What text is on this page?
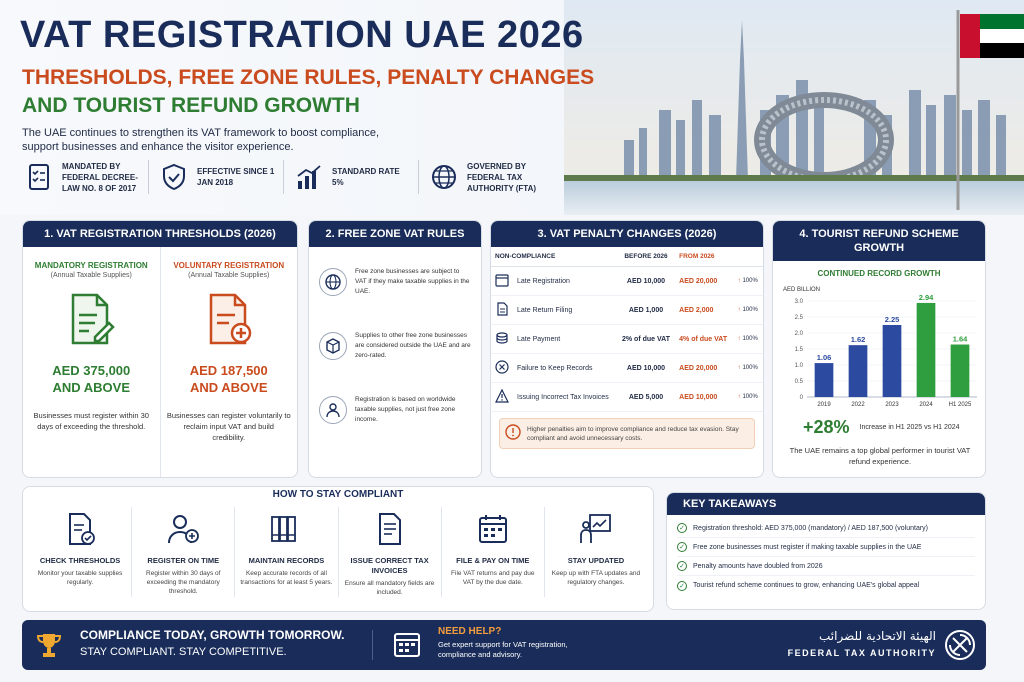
VAT REGISTRATION UAE 2026
THRESHOLDS, FREE ZONE RULES, PENALTY CHANGES
AND TOURIST REFUND GROWTH
The UAE continues to strengthen its VAT framework to boost compliance, support businesses and enhance the visitor experience.
MANDATED BY FEDERAL DECREE-LAW NO. 8 OF 2017
EFFECTIVE SINCE 1 JAN 2018
STANDARD RATE 5%
GOVERNED BY FEDERAL TAX AUTHORITY (FTA)
1. VAT REGISTRATION THRESHOLDS (2026)
MANDATORY REGISTRATION
(Annual Taxable Supplies)
AED 375,000
AND ABOVE
Businesses must register within 30 days of exceeding the threshold.
VOLUNTARY REGISTRATION
(Annual Taxable Supplies)
AED 187,500
AND ABOVE
Businesses can register voluntarily to reclaim input VAT and build credibility.
2. FREE ZONE VAT RULES
Free zone businesses are subject to VAT if they make taxable supplies in the UAE.
Supplies to other free zone businesses are considered outside the UAE and are zero-rated.
Registration is based on worldwide taxable supplies, not just free zone income.
3. VAT PENALTY CHANGES (2026)
NON-COMPLIANCE		BEFORE 2026	FROM 2026	
	Late Registration	AED 10,000	AED 20,000	↑ 100%
	Late Return Filing	AED 1,000	AED 2,000	↑ 100%
	Late Payment	2% of due VAT	4% of due VAT	↑ 100%
	Failure to Keep Records	AED 10,000	AED 20,000	↑ 100%
	Issuing Incorrect Tax Invoices	AED 5,000	AED 10,000	↑ 100%
Higher penalties aim to improve compliance and reduce tax evasion. Stay compliant and avoid unnecessary costs.
4. TOURIST REFUND SCHEME
GROWTH
CONTINUED RECORD GROWTH
AED BILLION
3.0
2.5
2.0
1.5
1.0
0.5
0
1.06
2019
1.62
2022
2.25
2023
2.94
2024
1.64
H1 2025
+28% Increase in H1 2025 vs H1 2024
The UAE remains a top global performer in tourist VAT refund experience.
HOW TO STAY COMPLIANT
CHECK THRESHOLDS
Monitor your taxable supplies regularly.
REGISTER ON TIME
Register within 30 days of exceeding the mandatory threshold.
MAINTAIN RECORDS
Keep accurate records of all transactions for at least 5 years.
ISSUE CORRECT TAX INVOICES
Ensure all mandatory fields are included.
FILE & PAY ON TIME
File VAT returns and pay due VAT by the due date.
STAY UPDATED
Keep up with FTA updates and regulatory changes.
KEY TAKEAWAYS
✓ Registration threshold: AED 375,000 (mandatory) / AED 187,500 (voluntary)
✓ Free zone businesses must register if making taxable supplies in the UAE
✓ Penalty amounts have doubled from 2026
✓ Tourist refund scheme continues to grow, enhancing UAE's global appeal
COMPLIANCE TODAY, GROWTH TOMORROW.
STAY COMPLIANT. STAY COMPETITIVE.
NEED HELP?
Get expert support for VAT registration, compliance and advisory.
الهيئة الاتحادية للضرائب
FEDERAL TAX AUTHORITY
